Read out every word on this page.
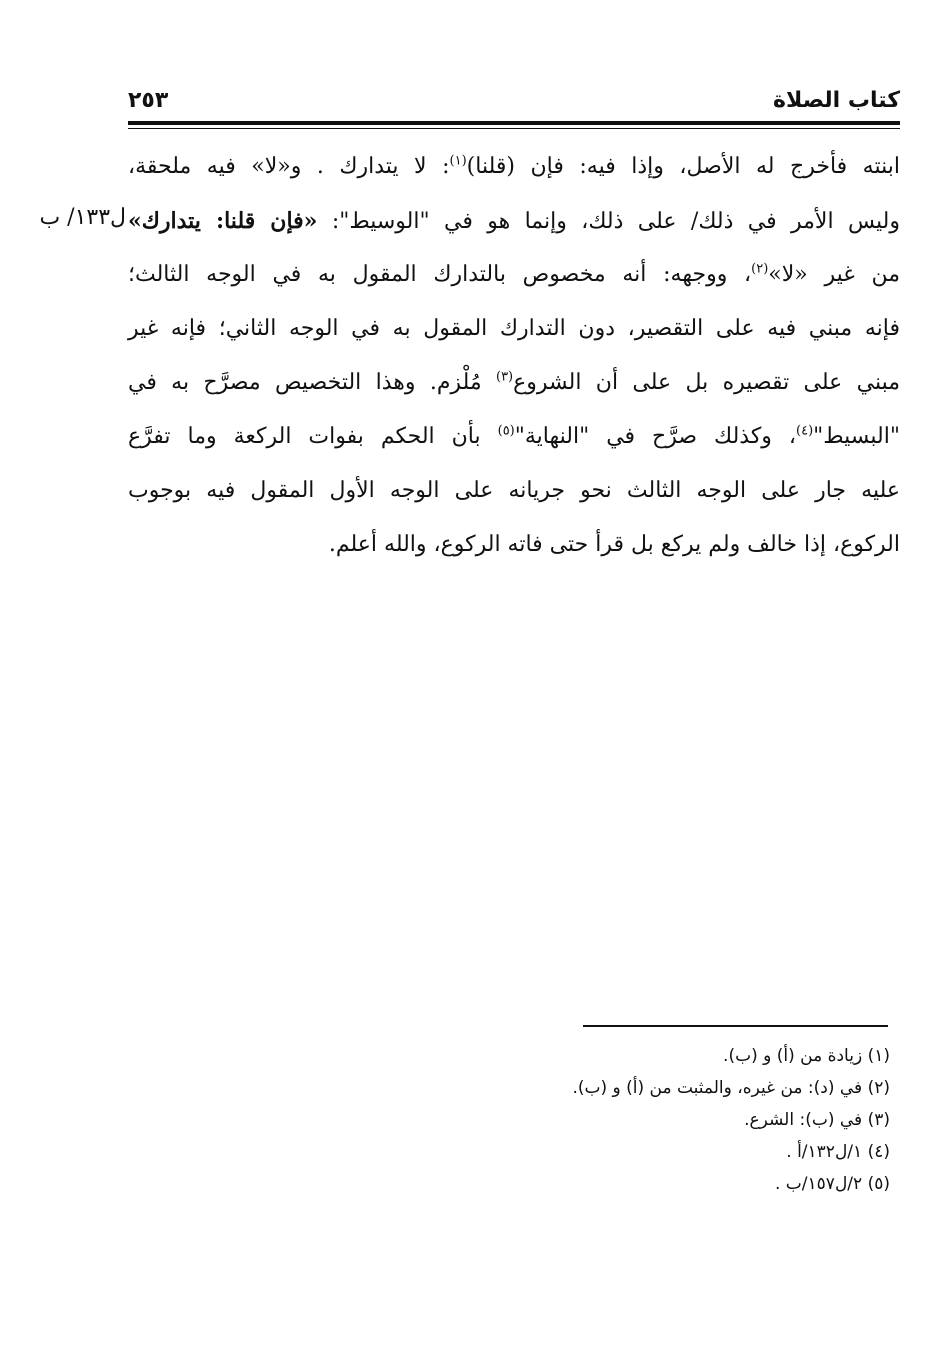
كتاب الصلاة
٢٥٣
ل١٣٣/ ب
ابنته فأخرج له الأصل، وإذا فيه: فإن (قلنا)$^{(١)}$: لا يتدارك . و«لا» فيه ملحقة،
وليس الأمر في ذلك/ على ذلك، وإنما هو في "الوسيط": «فإن قلنا: يتدارك»
من غير «لا»$^{(٢)}$، ووجهه: أنه مخصوص بالتدارك المقول به في الوجه الثالث؛
فإنه مبني فيه على التقصير، دون التدارك المقول به في الوجه الثاني؛ فإنه غير
مبني على تقصيره بل على أن الشروع$^{(٣)}$ مُلْزم. وهذا التخصيص مصرَّح به في
"البسيط"$^{(٤)}$، وكذلك صرَّح في "النهاية"$^{(٥)}$ بأن الحكم بفوات الركعة وما تفرَّع
عليه جار على الوجه الثالث نحو جريانه على الوجه الأول المقول فيه بوجوب
الركوع، إذا خالف ولم يركع بل قرأ حتى فاته الركوع، والله أعلم.
(١) زيادة من (أ) و (ب).
(٢) في (د): من غيره، والمثبت من (أ) و (ب).
(٣) في (ب): الشرع.
(٤) ١/ل١٣٢/أ .
(٥) ٢/ل١٥٧/ب .
